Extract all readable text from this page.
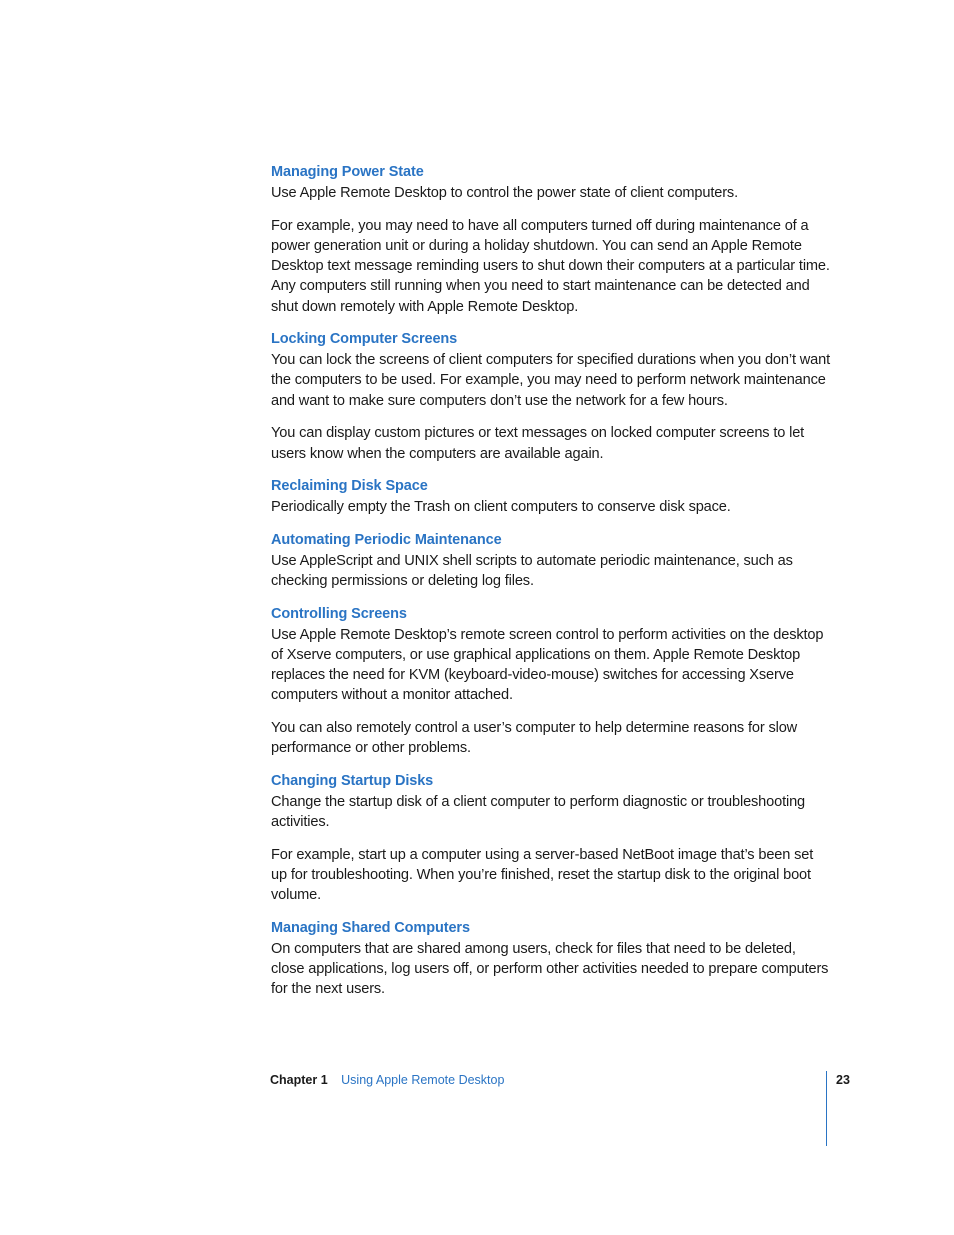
Managing Power State

Use Apple Remote Desktop to control the power state of client computers.

For example, you may need to have all computers turned off during maintenance of a power generation unit or during a holiday shutdown. You can send an Apple Remote Desktop text message reminding users to shut down their computers at a particular time. Any computers still running when you need to start maintenance can be detected and shut down remotely with Apple Remote Desktop.

Locking Computer Screens

You can lock the screens of client computers for specified durations when you don’t want the computers to be used. For example, you may need to perform network maintenance and want to make sure computers don’t use the network for a few hours.

You can display custom pictures or text messages on locked computer screens to let users know when the computers are available again.

Reclaiming Disk Space

Periodically empty the Trash on client computers to conserve disk space.

Automating Periodic Maintenance

Use AppleScript and UNIX shell scripts to automate periodic maintenance, such as checking permissions or deleting log files.

Controlling Screens

Use Apple Remote Desktop’s remote screen control to perform activities on the desktop of Xserve computers, or use graphical applications on them. Apple Remote Desktop replaces the need for KVM (keyboard-video-mouse) switches for accessing Xserve computers without a monitor attached.

You can also remotely control a user’s computer to help determine reasons for slow performance or other problems.

Changing Startup Disks

Change the startup disk of a client computer to perform diagnostic or troubleshooting activities.

For example, start up a computer using a server-based NetBoot image that’s been set up for troubleshooting. When you’re finished, reset the startup disk to the original boot volume.

Managing Shared Computers

On computers that are shared among users, check for files that need to be deleted, close applications, log users off, or perform other activities needed to prepare computers for the next users.

Chapter 1 Using Apple Remote Desktop	23
